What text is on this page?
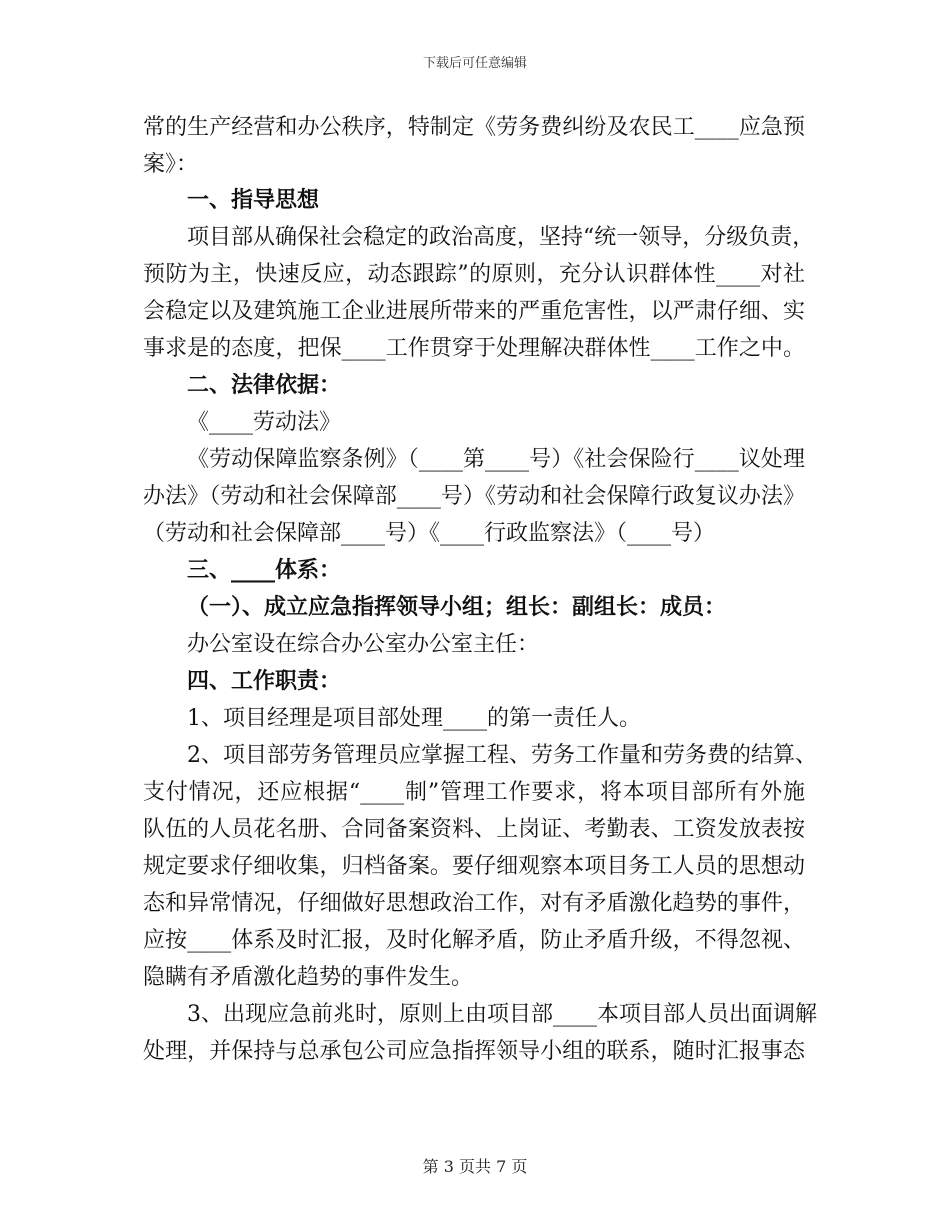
下载后可任意编辑
常的生产经营和办公秩序，特制定《劳务费纠纷及农民工____应急预
案》：
一、指导思想
项目部从确保社会稳定的政治高度，坚持“统一领导，分级负责，
预防为主，快速反应，动态跟踪”的原则，充分认识群体性____对社
会稳定以及建筑施工企业进展所带来的严重危害性，以严肃仔细、实
事求是的态度，把保____工作贯穿于处理解决群体性____工作之中。
二、法律依据：
《____劳动法》
《劳动保障监察条例》（____第____号）《社会保险行____议处理
办法》（劳动和社会保障部____号）《劳动和社会保障行政复议办法》
（劳动和社会保障部____号）《____行政监察法》（____号）
三、____体系：
（一）、成立应急指挥领导小组；组长：副组长：成员：
办公室设在综合办公室办公室主任：
四、工作职责：
1、项目经理是项目部处理____的第一责任人。
2、项目部劳务管理员应掌握工程、劳务工作量和劳务费的结算、
支付情况，还应根据“____制”管理工作要求，将本项目部所有外施
队伍的人员花名册、合同备案资料、上岗证、考勤表、工资发放表按
规定要求仔细收集，归档备案。要仔细观察本项目务工人员的思想动
态和异常情况，仔细做好思想政治工作，对有矛盾激化趋势的事件，
应按____体系及时汇报，及时化解矛盾，防止矛盾升级，不得忽视、
隐瞒有矛盾激化趋势的事件发生。
3、出现应急前兆时，原则上由项目部____本项目部人员出面调解
处理，并保持与总承包公司应急指挥领导小组的联系，随时汇报事态
第 3 页共 7 页
